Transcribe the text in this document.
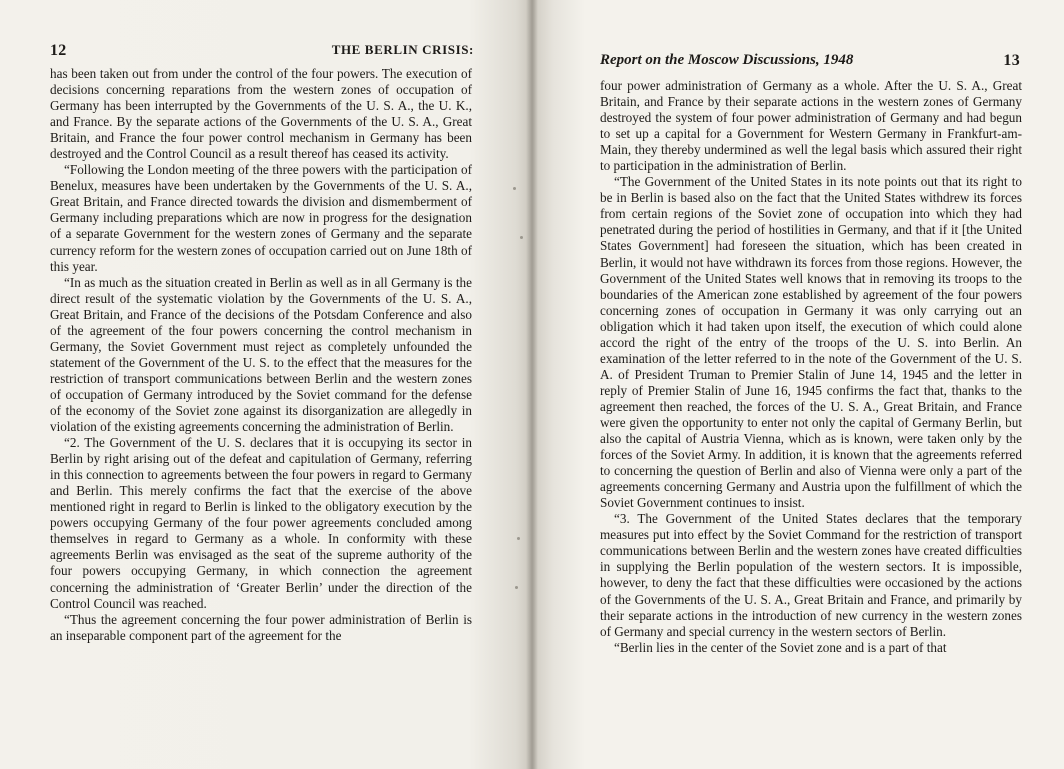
12	THE BERLIN CRISIS:

has been taken out from under the control of the four powers. The execution of decisions concerning reparations from the western zones of occupation of Germany has been interrupted by the Governments of the U. S. A., the U. K., and France. By the separate actions of the Governments of the U. S. A., Great Britain, and France the four power control mechanism in Germany has been destroyed and the Control Council as a result thereof has ceased its activity.

“Following the London meeting of the three powers with the participation of Benelux, measures have been undertaken by the Governments of the U. S. A., Great Britain, and France directed towards the division and dismemberment of Germany including preparations which are now in progress for the designation of a separate Government for the western zones of Germany and the separate currency reform for the western zones of occupation carried out on June 18th of this year.

“In as much as the situation created in Berlin as well as in all Germany is the direct result of the systematic violation by the Governments of the U. S. A., Great Britain, and France of the decisions of the Potsdam Conference and also of the agreement of the four powers concerning the control mechanism in Germany, the Soviet Government must reject as completely unfounded the statement of the Government of the U. S. to the effect that the measures for the restriction of transport communications between Berlin and the western zones of occupation of Germany introduced by the Soviet command for the defense of the economy of the Soviet zone against its disorganization are allegedly in violation of the existing agreements concerning the administration of Berlin.

“2. The Government of the U. S. declares that it is occupying its sector in Berlin by right arising out of the defeat and capitulation of Germany, referring in this connection to agreements between the four powers in regard to Germany and Berlin. This merely confirms the fact that the exercise of the above mentioned right in regard to Berlin is linked to the obligatory execution by the powers occupying Germany of the four power agreements concluded among themselves in regard to Germany as a whole. In conformity with these agreements Berlin was envisaged as the seat of the supreme authority of the four powers occupying Germany, in which connection the agreement concerning the administration of ‘Greater Berlin’ under the direction of the Control Council was reached.

“Thus the agreement concerning the four power administration of Berlin is an inseparable component part of the agreement for the

Report on the Moscow Discussions, 1948	13

four power administration of Germany as a whole. After the U. S. A., Great Britain, and France by their separate actions in the western zones of Germany destroyed the system of four power administration of Germany and had begun to set up a capital for a Government for Western Germany in Frankfurt-am-Main, they thereby undermined as well the legal basis which assured their right to participation in the administration of Berlin.

“The Government of the United States in its note points out that its right to be in Berlin is based also on the fact that the United States withdrew its forces from certain regions of the Soviet zone of occupation into which they had penetrated during the period of hostilities in Germany, and that if it [the United States Government] had foreseen the situation, which has been created in Berlin, it would not have withdrawn its forces from those regions. However, the Government of the United States well knows that in removing its troops to the boundaries of the American zone established by agreement of the four powers concerning zones of occupation in Germany it was only carrying out an obligation which it had taken upon itself, the execution of which could alone accord the right of the entry of the troops of the U. S. into Berlin. An examination of the letter referred to in the note of the Government of the U. S. A. of President Truman to Premier Stalin of June 14, 1945 and the letter in reply of Premier Stalin of June 16, 1945 confirms the fact that, thanks to the agreement then reached, the forces of the U. S. A., Great Britain, and France were given the opportunity to enter not only the capital of Germany Berlin, but also the capital of Austria Vienna, which as is known, were taken only by the forces of the Soviet Army. In addition, it is known that the agreements referred to concerning the question of Berlin and also of Vienna were only a part of the agreements concerning Germany and Austria upon the fulfillment of which the Soviet Government continues to insist.

“3. The Government of the United States declares that the temporary measures put into effect by the Soviet Command for the restriction of transport communications between Berlin and the western zones have created difficulties in supplying the Berlin population of the western sectors. It is impossible, however, to deny the fact that these difficulties were occasioned by the actions of the Governments of the U. S. A., Great Britain and France, and primarily by their separate actions in the introduction of new currency in the western zones of Germany and special currency in the western sectors of Berlin.

“Berlin lies in the center of the Soviet zone and is a part of that
